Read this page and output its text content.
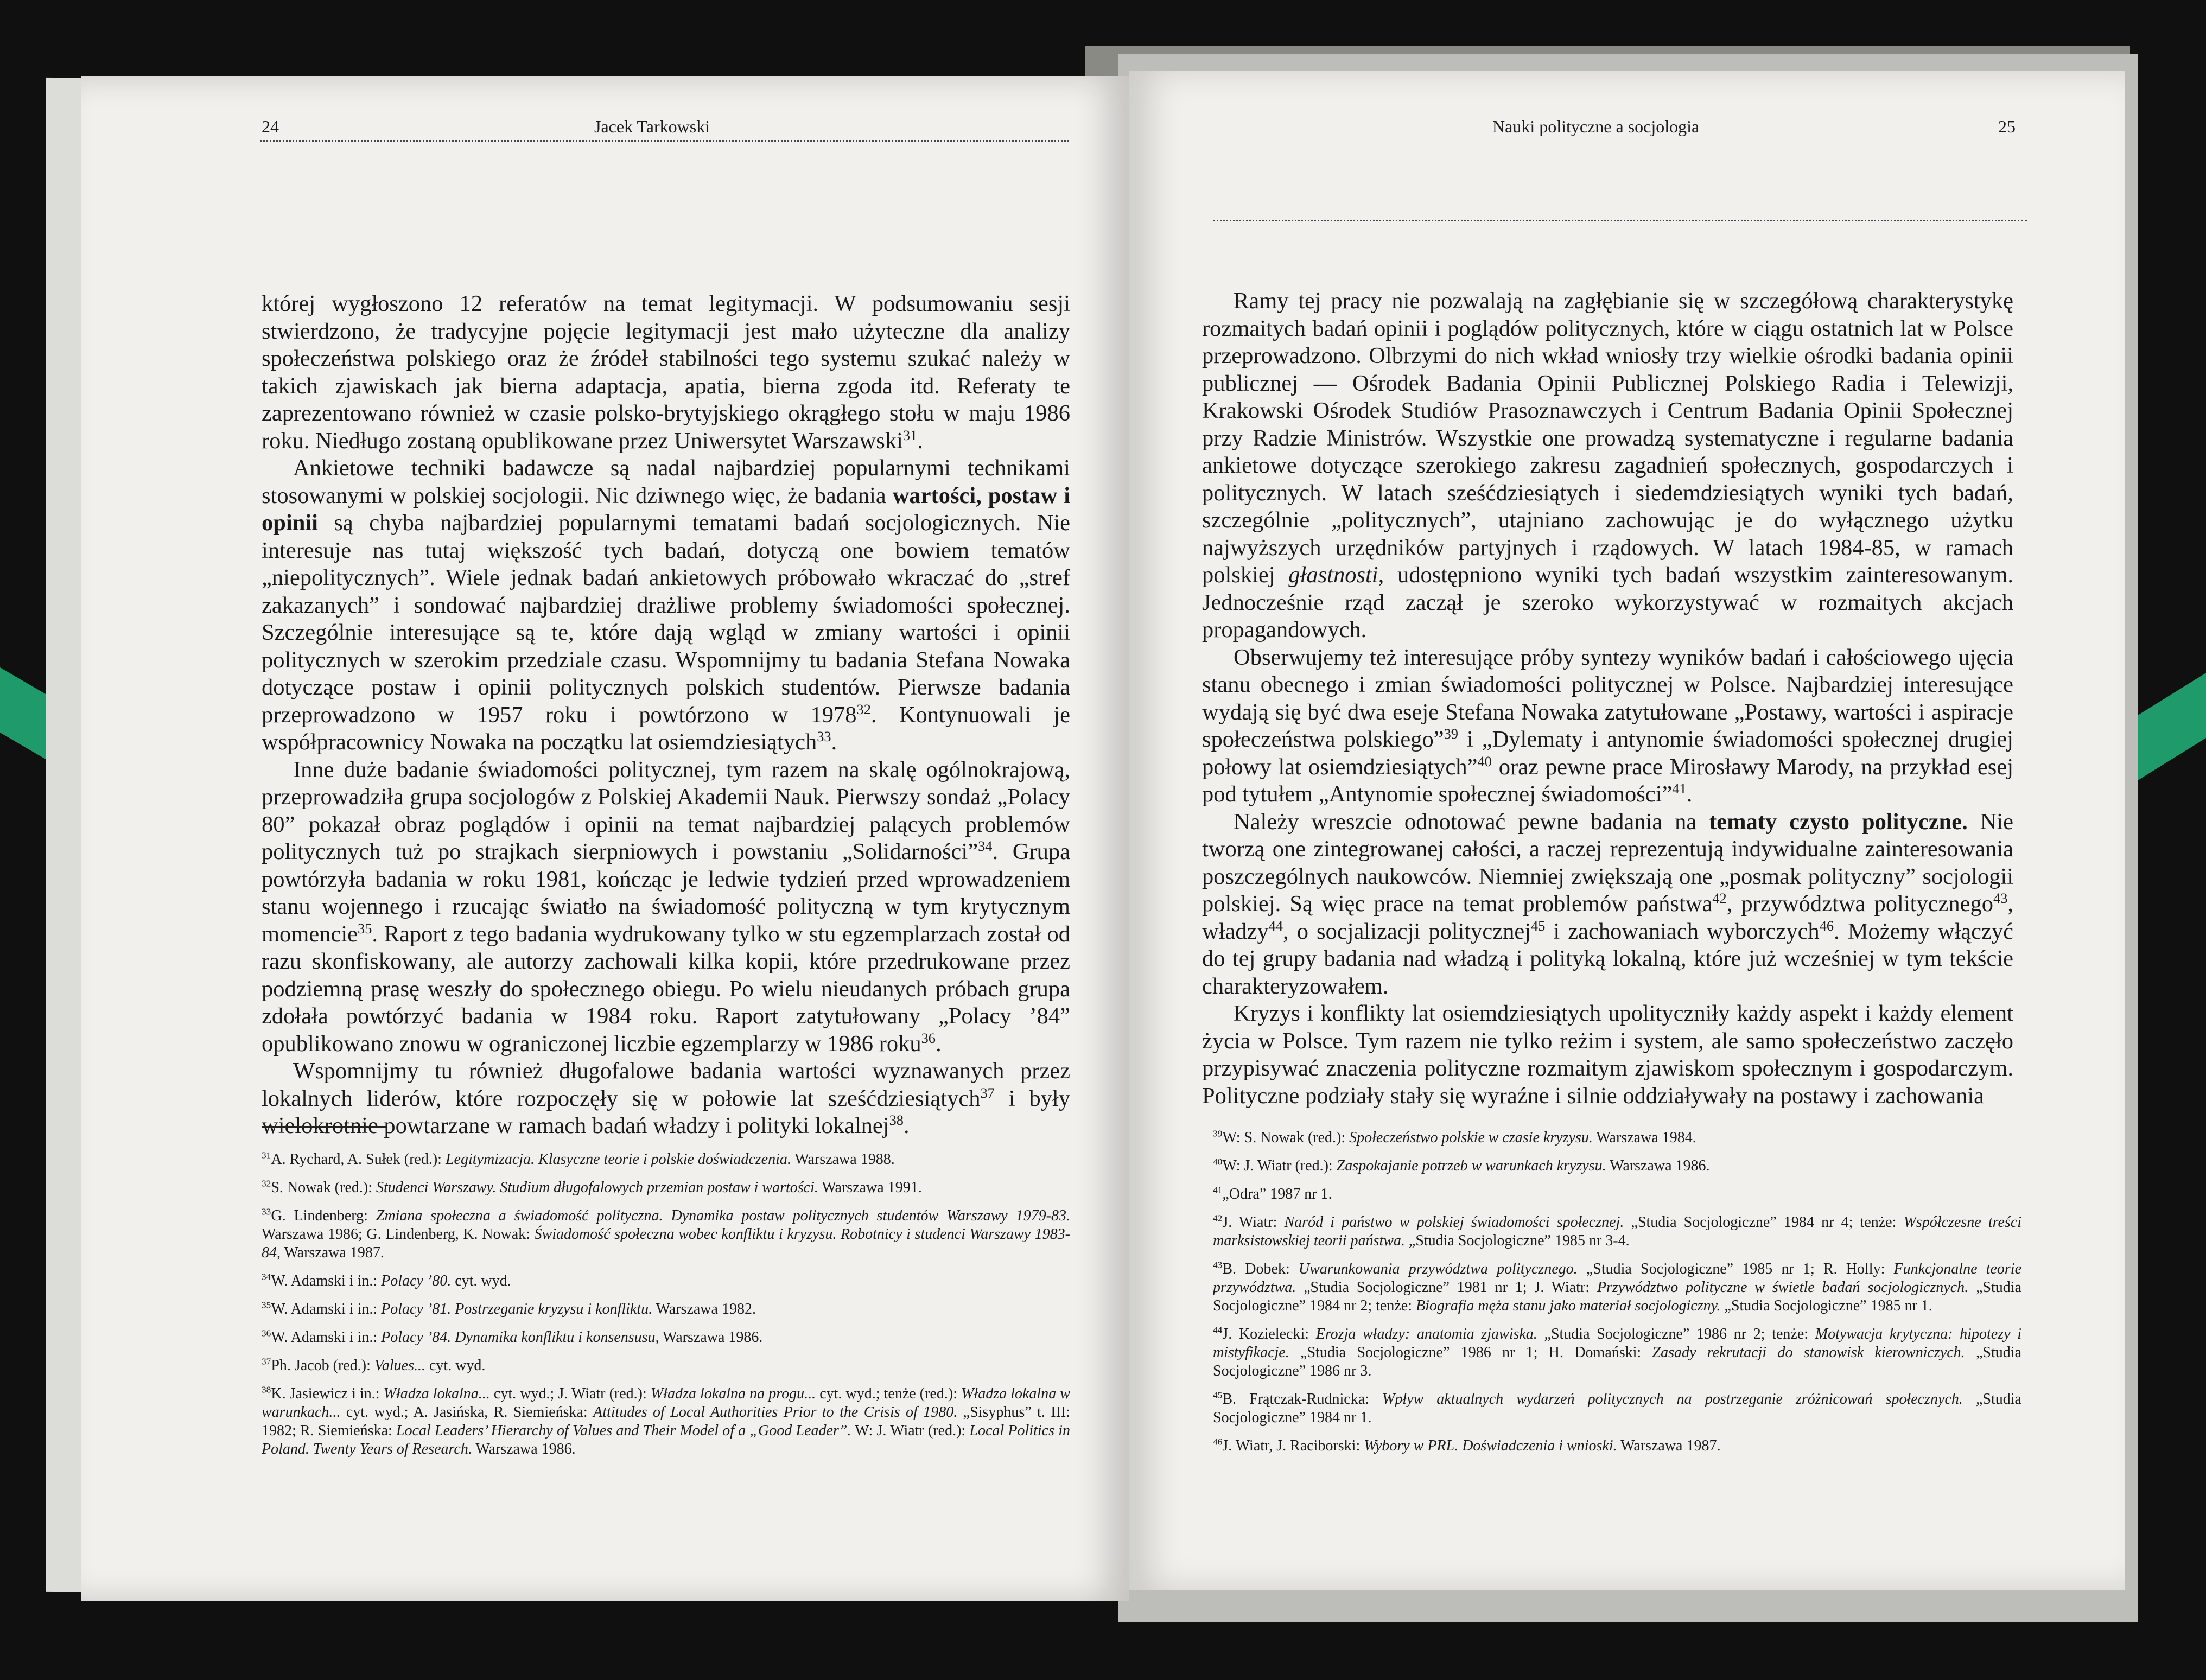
24	Jacek Tarkowski

której wygłoszono 12 referatów na temat legitymacji. W podsumowaniu sesji stwierdzono, że tradycyjne pojęcie legitymacji jest mało użyteczne dla analizy społeczeństwa polskiego oraz że źródeł stabilności tego systemu szukać należy w takich zjawiskach jak bierna adaptacja, apatia, bierna zgoda itd. Referaty te zaprezentowano również w czasie polsko-brytyjskiego okrągłego stołu w maju 1986 roku. Niedługo zostaną opublikowane przez Uniwersytet Warszawski$^{31}$.

Ankietowe techniki badawcze są nadal najbardziej popularnymi technikami stosowanymi w polskiej socjologii. Nic dziwnego więc, że badania wartości, postaw i opinii są chyba najbardziej popularnymi tematami badań socjologicznych. Nie interesuje nas tutaj większość tych badań, dotyczą one bowiem tematów „niepolitycznych”. Wiele jednak badań ankietowych próbowało wkraczać do „stref zakazanych” i sondować najbardziej drażliwe problemy świadomości społecznej. Szczególnie interesujące są te, które dają wgląd w zmiany wartości i opinii politycznych w szerokim przedziale czasu. Wspomnijmy tu badania Stefana Nowaka dotyczące postaw i opinii politycznych polskich studentów. Pierwsze badania przeprowadzono w 1957 roku i powtórzono w 1978$^{32}$. Kontynuowali je współpracownicy Nowaka na początku lat osiemdziesiątych$^{33}$.

Inne duże badanie świadomości politycznej, tym razem na skalę ogólnokrajową, przeprowadziła grupa socjologów z Polskiej Akademii Nauk. Pierwszy sondaż „Polacy 80” pokazał obraz poglądów i opinii na temat najbardziej palących problemów politycznych tuż po strajkach sierpniowych i powstaniu „Solidarności”$^{34}$. Grupa powtórzyła badania w roku 1981, kończąc je ledwie tydzień przed wprowadzeniem stanu wojennego i rzucając światło na świadomość polityczną w tym krytycznym momencie$^{35}$. Raport z tego badania wydrukowany tylko w stu egzemplarzach został od razu skonfiskowany, ale autorzy zachowali kilka kopii, które przedrukowane przez podziemną prasę weszły do społecznego obiegu. Po wielu nieudanych próbach grupa zdołała powtórzyć badania w 1984 roku. Raport zatytułowany „Polacy ’84” opublikowano znowu w ograniczonej liczbie egzemplarzy w 1986 roku$^{36}$.

Wspomnijmy tu również długofalowe badania wartości wyznawanych przez lokalnych liderów, które rozpoczęły się w połowie lat sześćdziesiątych$^{37}$ i były wielokrotnie powtarzane w ramach badań władzy i polityki lokalnej$^{38}$.

$^{31}$A. Rychard, A. Sułek (red.): Legitymizacja. Klasyczne teorie i polskie doświadczenia. Warszawa 1988.

$^{32}$S. Nowak (red.): Studenci Warszawy. Studium długofalowych przemian postaw i wartości. Warszawa 1991.

$^{33}$G. Lindenberg: Zmiana społeczna a świadomość polityczna. Dynamika postaw politycznych studentów Warszawy 1979-83. Warszawa 1986; G. Lindenberg, K. Nowak: Świadomość społeczna wobec konfliktu i kryzysu. Robotnicy i studenci Warszawy 1983-84, Warszawa 1987.

$^{34}$W. Adamski i in.: Polacy ’80. cyt. wyd.

$^{35}$W. Adamski i in.: Polacy ’81. Postrzeganie kryzysu i konfliktu. Warszawa 1982.

$^{36}$W. Adamski i in.: Polacy ’84. Dynamika konfliktu i konsensusu, Warszawa 1986.

$^{37}$Ph. Jacob (red.): Values... cyt. wyd.

$^{38}$K. Jasiewicz i in.: Władza lokalna... cyt. wyd.; J. Wiatr (red.): Władza lokalna na progu... cyt. wyd.; tenże (red.): Władza lokalna w warunkach... cyt. wyd.; A. Jasińska, R. Siemieńska: Attitudes of Local Authorities Prior to the Crisis of 1980. „Sisyphus” t. III: 1982; R. Siemieńska: Local Leaders’ Hierarchy of Values and Their Model of a „Good Leader”. W: J. Wiatr (red.): Local Politics in Poland. Twenty Years of Research. Warszawa 1986.

Nauki polityczne a socjologia	25

Ramy tej pracy nie pozwalają na zagłębianie się w szczegółową charakterystykę rozmaitych badań opinii i poglądów politycznych, które w ciągu ostatnich lat w Polsce przeprowadzono. Olbrzymi do nich wkład wniosły trzy wielkie ośrodki badania opinii publicznej — Ośrodek Badania Opinii Publicznej Polskiego Radia i Telewizji, Krakowski Ośrodek Studiów Prasoznawczych i Centrum Badania Opinii Społecznej przy Radzie Ministrów. Wszystkie one prowadzą systematyczne i regularne badania ankietowe dotyczące szerokiego zakresu zagadnień społecznych, gospodarczych i politycznych. W latach sześćdziesiątych i siedemdziesiątych wyniki tych badań, szczególnie „politycznych”, utajniano zachowując je do wyłącznego użytku najwyższych urzędników partyjnych i rządowych. W latach 1984-85, w ramach polskiej głastnosti, udostępniono wyniki tych badań wszystkim zainteresowanym. Jednocześnie rząd zaczął je szeroko wykorzystywać w rozmaitych akcjach propagandowych.

Obserwujemy też interesujące próby syntezy wyników badań i całościowego ujęcia stanu obecnego i zmian świadomości politycznej w Polsce. Najbardziej interesujące wydają się być dwa eseje Stefana Nowaka zatytułowane „Postawy, wartości i aspiracje społeczeństwa polskiego”$^{39}$ i „Dylematy i antynomie świadomości społecznej drugiej połowy lat osiemdziesiątych”$^{40}$ oraz pewne prace Mirosławy Marody, na przykład esej pod tytułem „Antynomie społecznej świadomości”$^{41}$.

Należy wreszcie odnotować pewne badania na tematy czysto polityczne. Nie tworzą one zintegrowanej całości, a raczej reprezentują indywidualne zainteresowania poszczególnych naukowców. Niemniej zwiększają one „posmak polityczny” socjologii polskiej. Są więc prace na temat problemów państwa$^{42}$, przywództwa politycznego$^{43}$, władzy$^{44}$, o socjalizacji politycznej$^{45}$ i zachowaniach wyborczych$^{46}$. Możemy włączyć do tej grupy badania nad władzą i polityką lokalną, które już wcześniej w tym tekście charakteryzowałem.

Kryzys i konflikty lat osiemdziesiątych upolityczniły każdy aspekt i każdy element życia w Polsce. Tym razem nie tylko reżim i system, ale samo społeczeństwo zaczęło przypisywać znaczenia polityczne rozmaitym zjawiskom społecznym i gospodarczym. Polityczne podziały stały się wyraźne i silnie oddziaływały na postawy i zachowania

$^{39}$W: S. Nowak (red.): Społeczeństwo polskie w czasie kryzysu. Warszawa 1984.

$^{40}$W: J. Wiatr (red.): Zaspokajanie potrzeb w warunkach kryzysu. Warszawa 1986.

$^{41}$„Odra” 1987 nr 1.

$^{42}$J. Wiatr: Naród i państwo w polskiej świadomości społecznej. „Studia Socjologiczne” 1984 nr 4; tenże: Współczesne treści marksistowskiej teorii państwa. „Studia Socjologiczne” 1985 nr 3-4.

$^{43}$B. Dobek: Uwarunkowania przywództwa politycznego. „Studia Socjologiczne” 1985 nr 1; R. Holly: Funkcjonalne teorie przywództwa. „Studia Socjologiczne” 1981 nr 1; J. Wiatr: Przywództwo polityczne w świetle badań socjologicznych. „Studia Socjologiczne” 1984 nr 2; tenże: Biografia męża stanu jako materiał socjologiczny. „Studia Socjologiczne” 1985 nr 1.

$^{44}$J. Kozielecki: Erozja władzy: anatomia zjawiska. „Studia Socjologiczne” 1986 nr 2; tenże: Motywacja krytyczna: hipotezy i mistyfikacje. „Studia Socjologiczne” 1986 nr 1; H. Domański: Zasady rekrutacji do stanowisk kierowniczych. „Studia Socjologiczne” 1986 nr 3.

$^{45}$B. Frątczak-Rudnicka: Wpływ aktualnych wydarzeń politycznych na postrzeganie zróżnicowań społecznych. „Studia Socjologiczne” 1984 nr 1.

$^{46}$J. Wiatr, J. Raciborski: Wybory w PRL. Doświadczenia i wnioski. Warszawa 1987.
